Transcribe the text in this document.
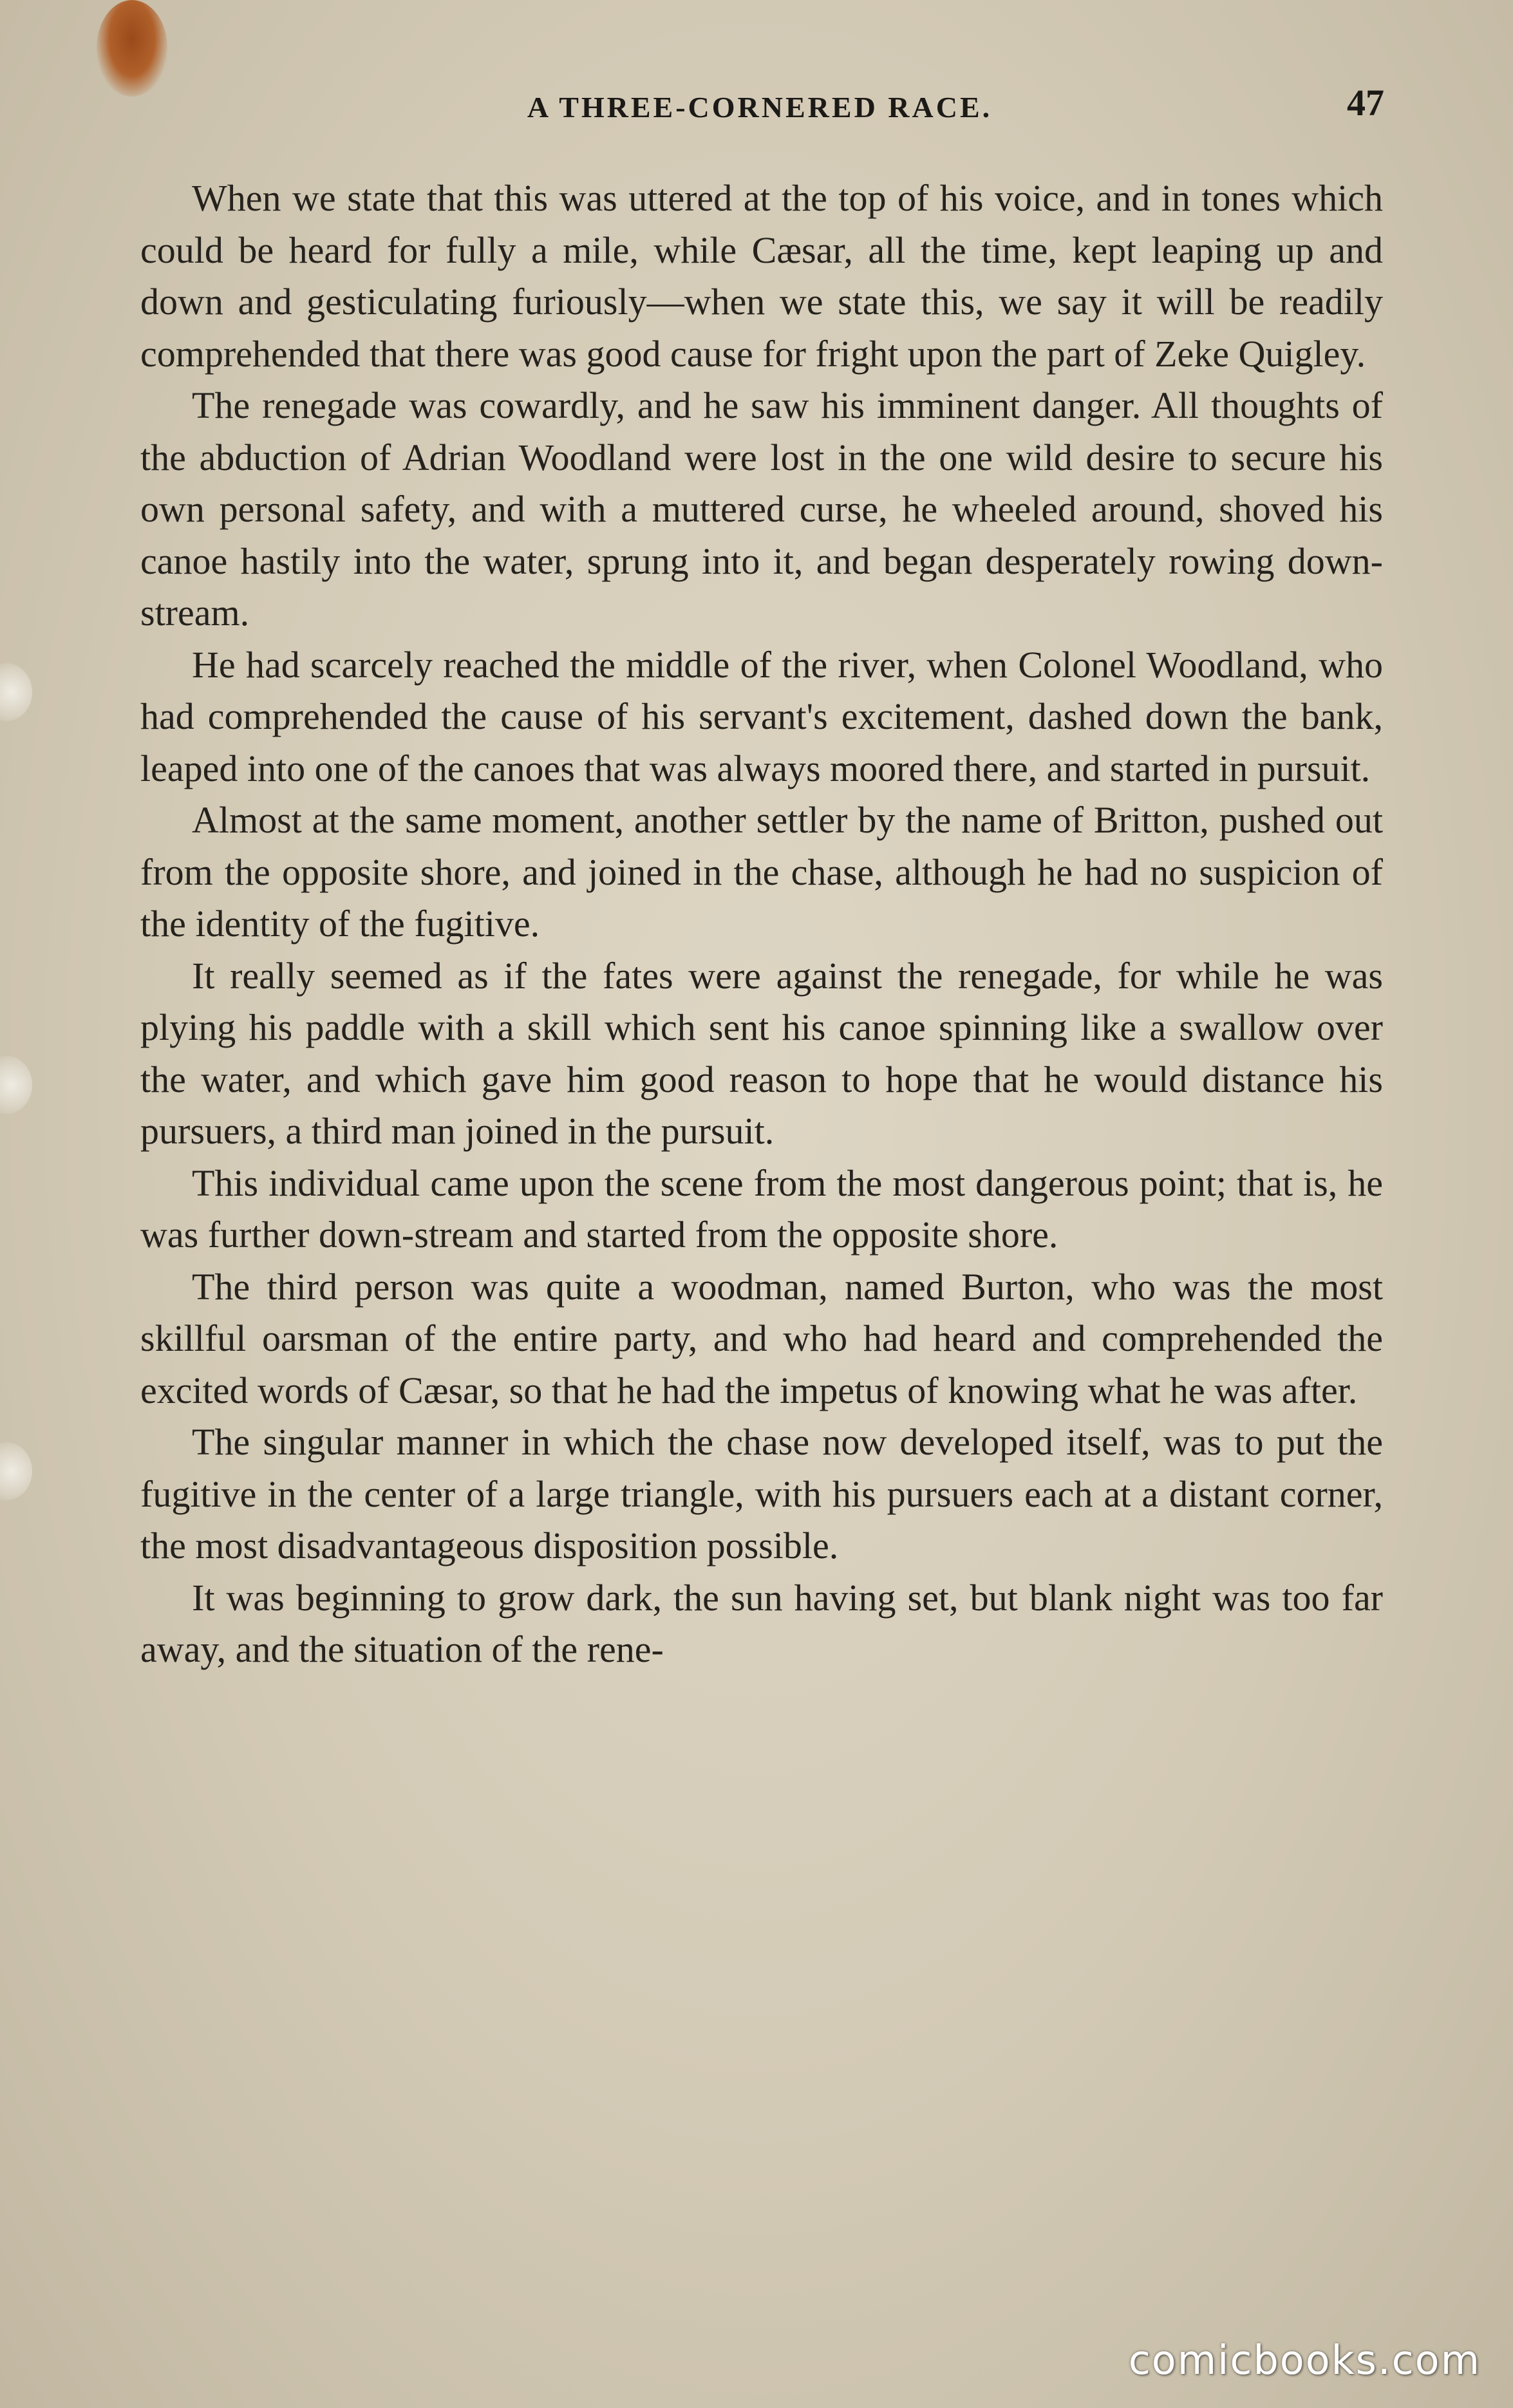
A THREE-CORNERED RACE.	47

When we state that this was uttered at the top of his voice, and in tones which could be heard for fully a mile, while Cæsar, all the time, kept leaping up and down and gesticulating furiously—when we state this, we say it will be readily comprehended that there was good cause for fright upon the part of Zeke Quigley.

The renegade was cowardly, and he saw his imminent danger. All thoughts of the abduction of Adrian Woodland were lost in the one wild desire to secure his own personal safety, and with a muttered curse, he wheeled around, shoved his canoe hastily into the water, sprung into it, and began desperately rowing down-stream.

He had scarcely reached the middle of the river, when Colonel Woodland, who had comprehended the cause of his servant's excitement, dashed down the bank, leaped into one of the canoes that was always moored there, and started in pursuit.

Almost at the same moment, another settler by the name of Britton, pushed out from the opposite shore, and joined in the chase, although he had no suspicion of the identity of the fugitive.

It really seemed as if the fates were against the renegade, for while he was plying his paddle with a skill which sent his canoe spinning like a swallow over the water, and which gave him good reason to hope that he would distance his pursuers, a third man joined in the pursuit.

This individual came upon the scene from the most dangerous point; that is, he was further down-stream and started from the opposite shore.

The third person was quite a woodman, named Burton, who was the most skillful oarsman of the entire party, and who had heard and comprehended the excited words of Cæsar, so that he had the impetus of knowing what he was after.

The singular manner in which the chase now developed itself, was to put the fugitive in the center of a large triangle, with his pursuers each at a distant corner, the most disadvantageous disposition possible.

It was beginning to grow dark, the sun having set, but blank night was too far away, and the situation of the rene-

comicbooks.com
